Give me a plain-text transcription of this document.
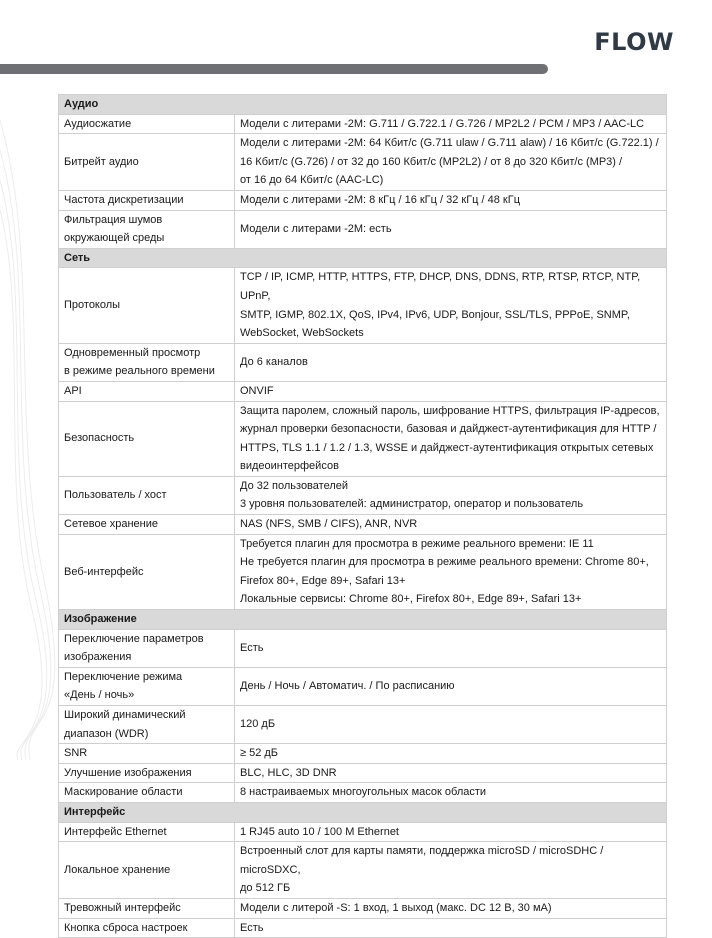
FLOW
Аудио	
Аудиосжатие	Модели с литерами -2M: G.711 / G.722.1 / G.726 / MP2L2 / PCM / MP3 / AAC-LC
Битрейт аудио	Модели с литерами -2M: 64 Кбит/с (G.711 ulaw / G.711 alaw) / 16 Кбит/с (G.722.1) /
16 Кбит/с (G.726) / от 32 до 160 Кбит/с (MP2L2) / от 8 до 320 Кбит/с (MP3) /
от 16 до 64 Кбит/с (AAC-LC)
Частота дискретизации	Модели с литерами -2M: 8 кГц / 16 кГц / 32 кГц / 48 кГц
Фильтрация шумов
окружающей среды	Модели с литерами -2M: есть
Сеть	
Протоколы	TCP / IP, ICMP, HTTP, HTTPS, FTP, DHCP, DNS, DDNS, RTP, RTSP, RTCP, NTP, UPnP,
SMTP, IGMP, 802.1X, QoS, IPv4, IPv6, UDP, Bonjour, SSL/TLS, PPPoE, SNMP,
WebSocket, WebSockets
Одновременный просмотр
в режиме реального времени	До 6 каналов
API	ONVIF
Безопасность	Защита паролем, сложный пароль, шифрование HTTPS, фильтрация IP-адресов,
журнал проверки безопасности, базовая и дайджест-аутентификация для HTTP /
HTTPS, TLS 1.1 / 1.2 / 1.3, WSSE и дайджест-аутентификация открытых сетевых
видеоинтерфейсов
Пользователь / хост	До 32 пользователей
3 уровня пользователей: администратор, оператор и пользователь
Сетевое хранение	NAS (NFS, SMB / CIFS), ANR, NVR
Веб-интерфейс	Требуется плагин для просмотра в режиме реального времени: IE 11
Не требуется плагин для просмотра в режиме реального времени: Chrome 80+,
Firefox 80+, Edge 89+, Safari 13+
Локальные сервисы: Chrome 80+, Firefox 80+, Edge 89+, Safari 13+
Изображение	
Переключение параметров
изображения	Есть
Переключение режима
«День / ночь»	День / Ночь / Автоматич. / По расписанию
Широкий динамический
диапазон (WDR)	120 дБ
SNR	≥ 52 дБ
Улучшение изображения	BLC, HLC, 3D DNR
Маскирование области	8 настраиваемых многоугольных масок области
Интерфейс	
Интерфейс Ethernet	1 RJ45 auto 10 / 100 M Ethernet
Локальное хранение	Встроенный слот для карты памяти, поддержка microSD / microSDHC / microSDXC,
до 512 ГБ
Тревожный интерфейс	Модели с литерой -S: 1 вход, 1 выход (макс. DC 12 В, 30 мА)
Кнопка сброса настроек	Есть
